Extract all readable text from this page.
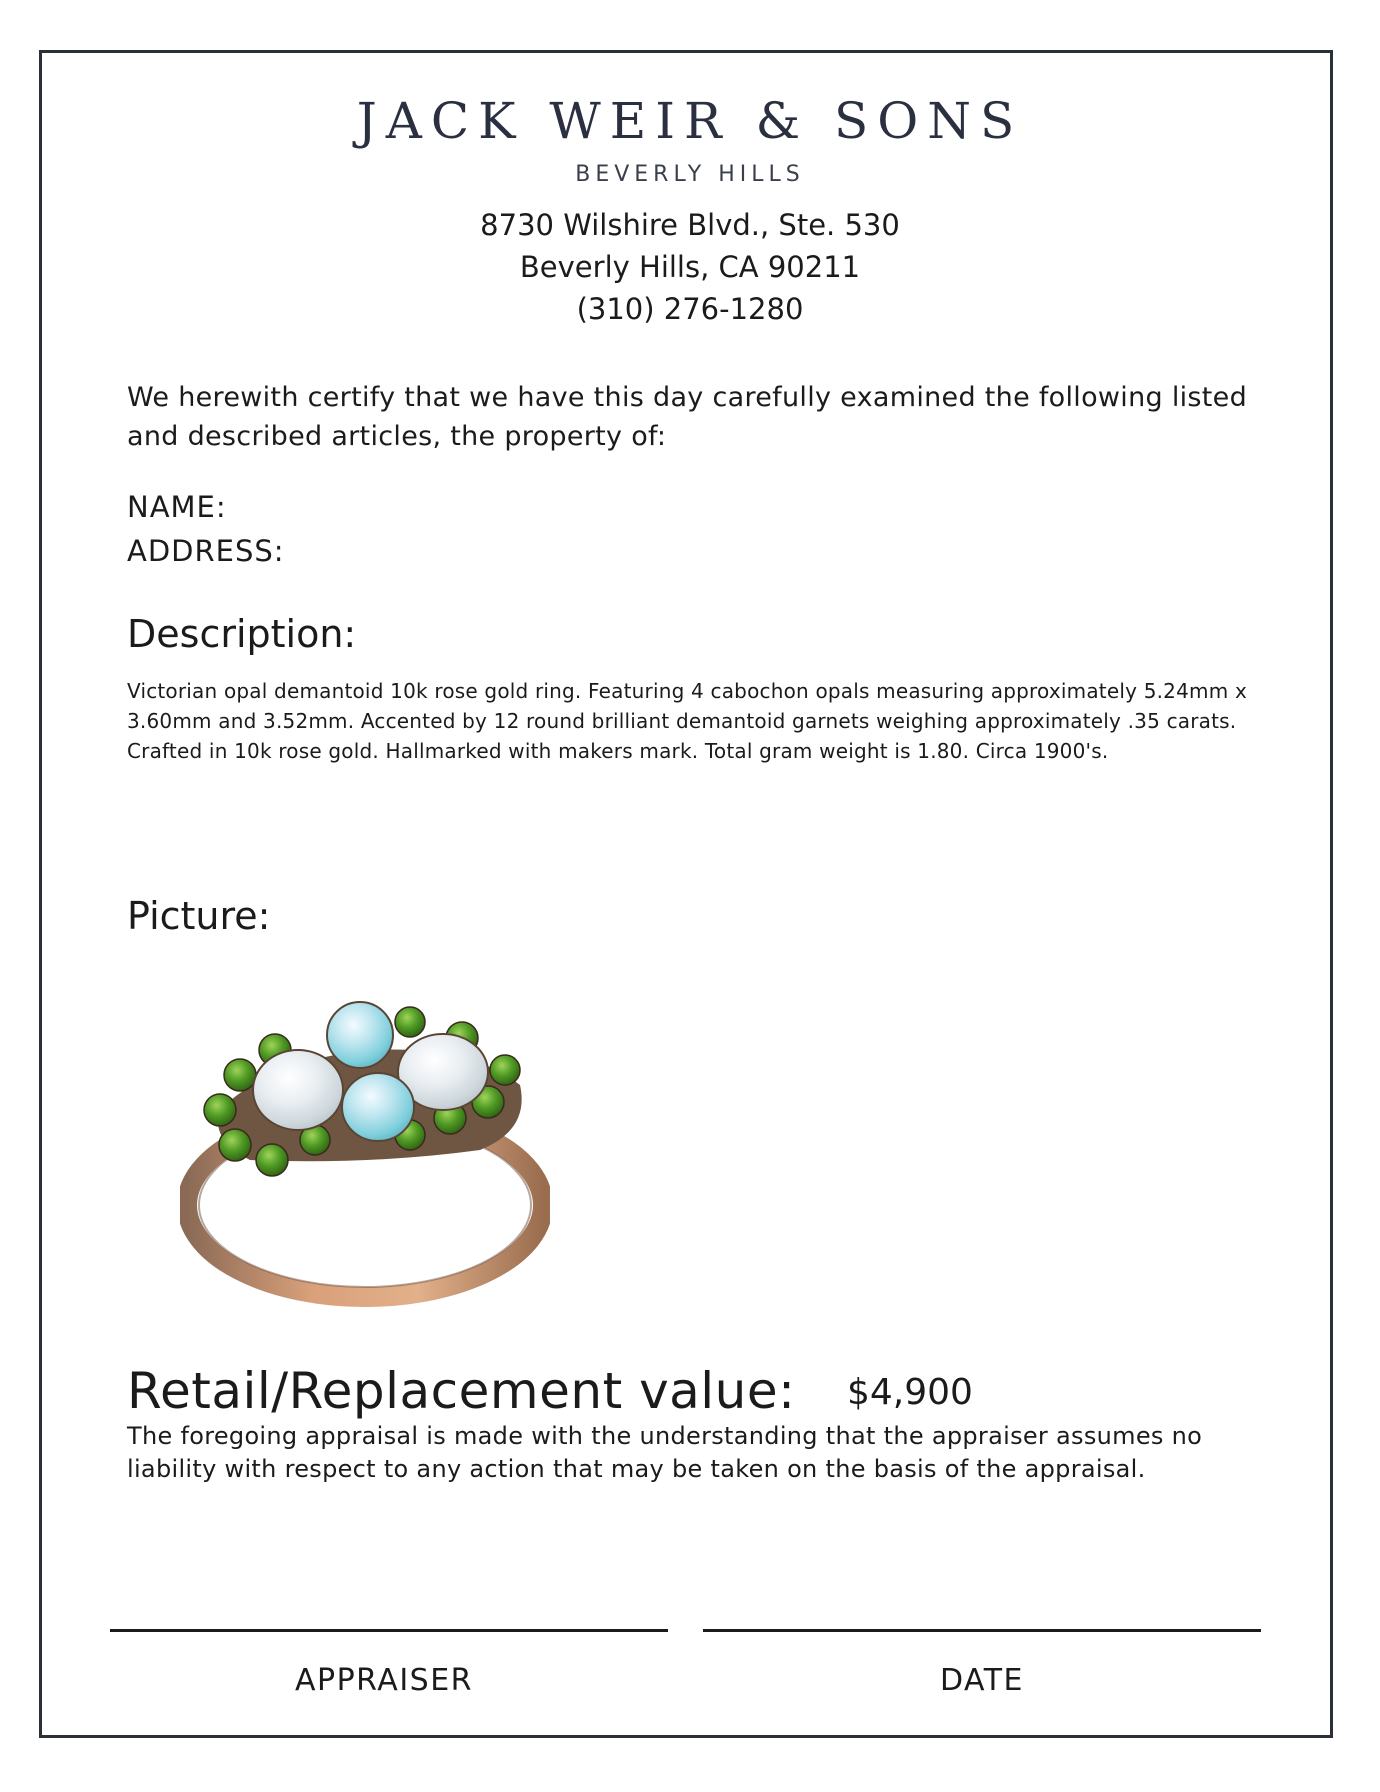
JACK WEIR & SONS
BEVERLY HILLS
8730 Wilshire Blvd., Ste. 530
Beverly Hills, CA 90211
(310) 276-1280
We herewith certify that we have this day carefully examined the following listed and described articles, the property of:
NAME:
ADDRESS:
Description:
Victorian opal demantoid 10k rose gold ring. Featuring 4 cabochon opals measuring approximately 5.24mm x 3.60mm and 3.52mm. Accented by 12 round brilliant demantoid garnets weighing approximately .35 carats. Crafted in 10k rose gold. Hallmarked with makers mark. Total gram weight is 1.80. Circa 1900's.
Picture:
Retail/Replacement value: $4,900
The foregoing appraisal is made with the understanding that the appraiser assumes no liability with respect to any action that may be taken on the basis of the appraisal.
APPRAISER	DATE
